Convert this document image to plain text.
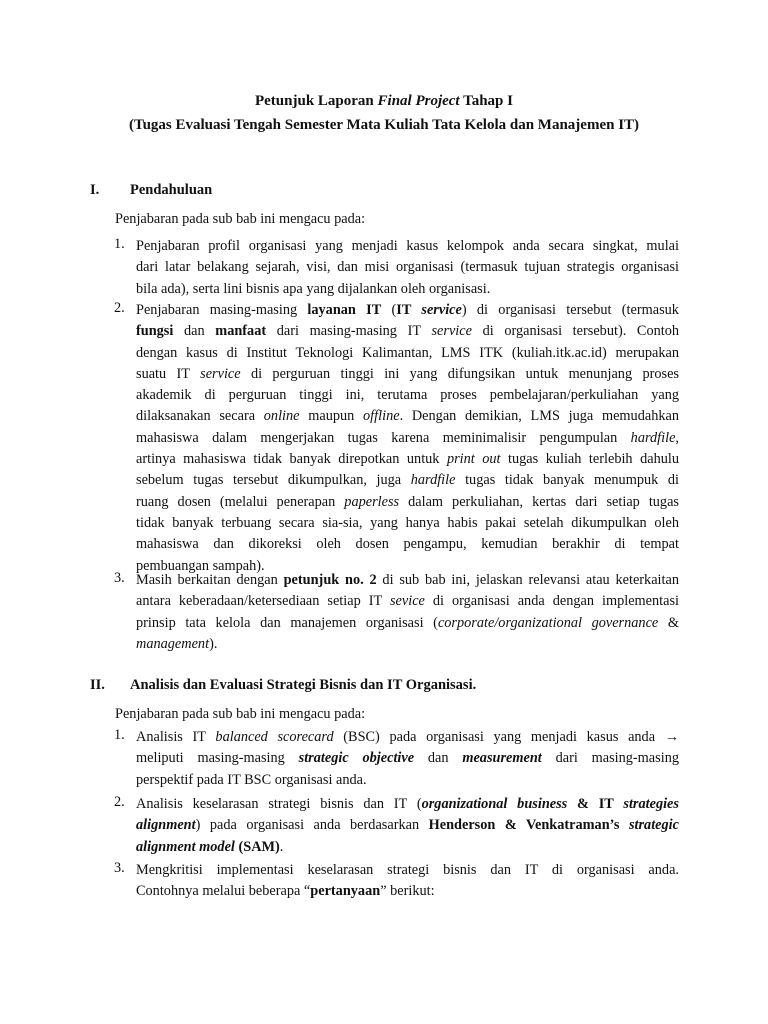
Petunjuk Laporan Final Project Tahap I
(Tugas Evaluasi Tengah Semester Mata Kuliah Tata Kelola dan Manajemen IT)
I. Pendahuluan
Penjabaran pada sub bab ini mengacu pada:
1. Penjabaran profil organisasi yang menjadi kasus kelompok anda secara singkat, mulai
dari latar belakang sejarah, visi, dan misi organisasi (termasuk tujuan strategis organisasi
bila ada), serta lini bisnis apa yang dijalankan oleh organisasi.
2. Penjabaran masing-masing layanan IT (IT service) di organisasi tersebut (termasuk
fungsi dan manfaat dari masing-masing IT service di organisasi tersebut). Contoh
dengan kasus di Institut Teknologi Kalimantan, LMS ITK (kuliah.itk.ac.id) merupakan
suatu IT service di perguruan tinggi ini yang difungsikan untuk menunjang proses
akademik di perguruan tinggi ini, terutama proses pembelajaran/perkuliahan yang
dilaksanakan secara online maupun offline. Dengan demikian, LMS juga memudahkan
mahasiswa dalam mengerjakan tugas karena meminimalisir pengumpulan hardfile,
artinya mahasiswa tidak banyak direpotkan untuk print out tugas kuliah terlebih dahulu
sebelum tugas tersebut dikumpulkan, juga hardfile tugas tidak banyak menumpuk di
ruang dosen (melalui penerapan paperless dalam perkuliahan, kertas dari setiap tugas
tidak banyak terbuang secara sia-sia, yang hanya habis pakai setelah dikumpulkan oleh
mahasiswa dan dikoreksi oleh dosen pengampu, kemudian berakhir di tempat
pembuangan sampah).
3. Masih berkaitan dengan petunjuk no. 2 di sub bab ini, jelaskan relevansi atau keterkaitan
antara keberadaan/ketersediaan setiap IT sevice di organisasi anda dengan implementasi
prinsip tata kelola dan manajemen organisasi (corporate/organizational governance &
management).
II. Analisis dan Evaluasi Strategi Bisnis dan IT Organisasi.
Penjabaran pada sub bab ini mengacu pada:
1. Analisis IT balanced scorecard (BSC) pada organisasi yang menjadi kasus anda →
meliputi masing-masing strategic objective dan measurement dari masing-masing
perspektif pada IT BSC organisasi anda.
2. Analisis keselarasan strategi bisnis dan IT (organizational business & IT strategies
alignment) pada organisasi anda berdasarkan Henderson & Venkatraman’s strategic
alignment model (SAM).
3. Mengkritisi implementasi keselarasan strategi bisnis dan IT di organisasi anda.
Contohnya melalui beberapa “pertanyaan” berikut:
